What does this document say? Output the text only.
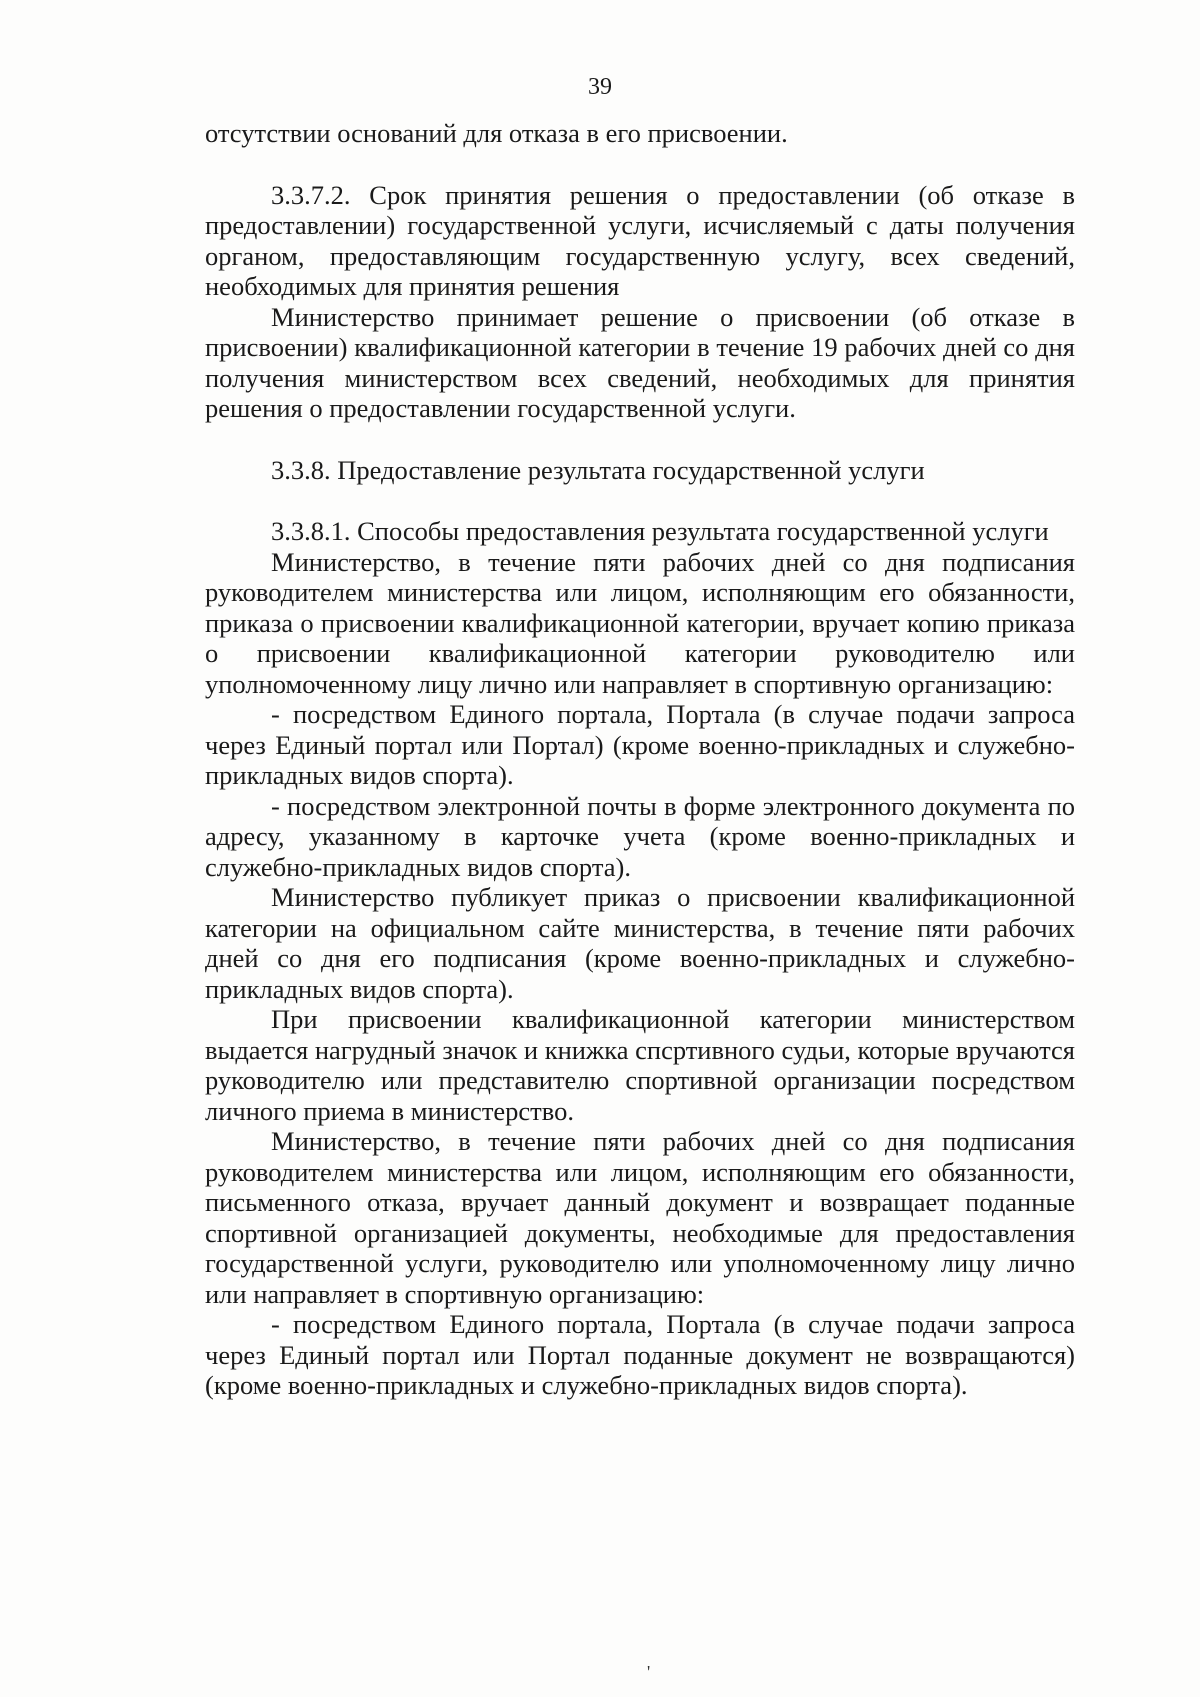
39

отсутствии оснований для отказа в его присвоении.

3.3.7.2. Срок принятия решения о предоставлении (об отказе в предоставлении) государственной услуги, исчисляемый с даты получения органом, предоставляющим государственную услугу, всех сведений, необходимых для принятия решения

Министерство принимает решение о присвоении (об отказе в присвоении) квалификационной категории в течение 19 рабочих дней со дня получения министерством всех сведений, необходимых для принятия решения о предоставлении государственной услуги.

3.3.8. Предоставление результата государственной услуги

3.3.8.1. Способы предоставления результата государственной услуги

Министерство, в течение пяти рабочих дней со дня подписания руководителем министерства или лицом, исполняющим его обязанности, приказа о присвоении квалификационной категории, вручает копию приказа о присвоении квалификационной категории руководителю или уполномоченному лицу лично или направляет в спортивную организацию:

- посредством Единого портала, Портала (в случае подачи запроса через Единый портал или Портал) (кроме военно-прикладных и служебно-прикладных видов спорта).

- посредством электронной почты в форме электронного документа по адресу, указанному в карточке учета (кроме военно-прикладных и служебно-прикладных видов спорта).

Министерство публикует приказ о присвоении квалификационной категории на официальном сайте министерства, в течение пяти рабочих дней со дня его подписания (кроме военно-прикладных и служебно-прикладных видов спорта).

При присвоении квалификационной категории министерством выдается нагрудный значок и книжка спсртивного судьи, которые вручаются руководителю или представителю спортивной организации посредством личного приема в министерство.

Министерство, в течение пяти рабочих дней со дня подписания руководителем министерства или лицом, исполняющим его обязанности, письменного отказа, вручает данный документ и возвращает поданные спортивной организацией документы, необходимые для предоставления государственной услуги, руководителю или уполномоченному лицу лично или направляет в спортивную организацию:

- посредством Единого портала, Портала (в случае подачи запроса через Единый портал или Портал поданные документ не возвращаются) (кроме военно-прикладных и служебно-прикладных видов спорта).

'
